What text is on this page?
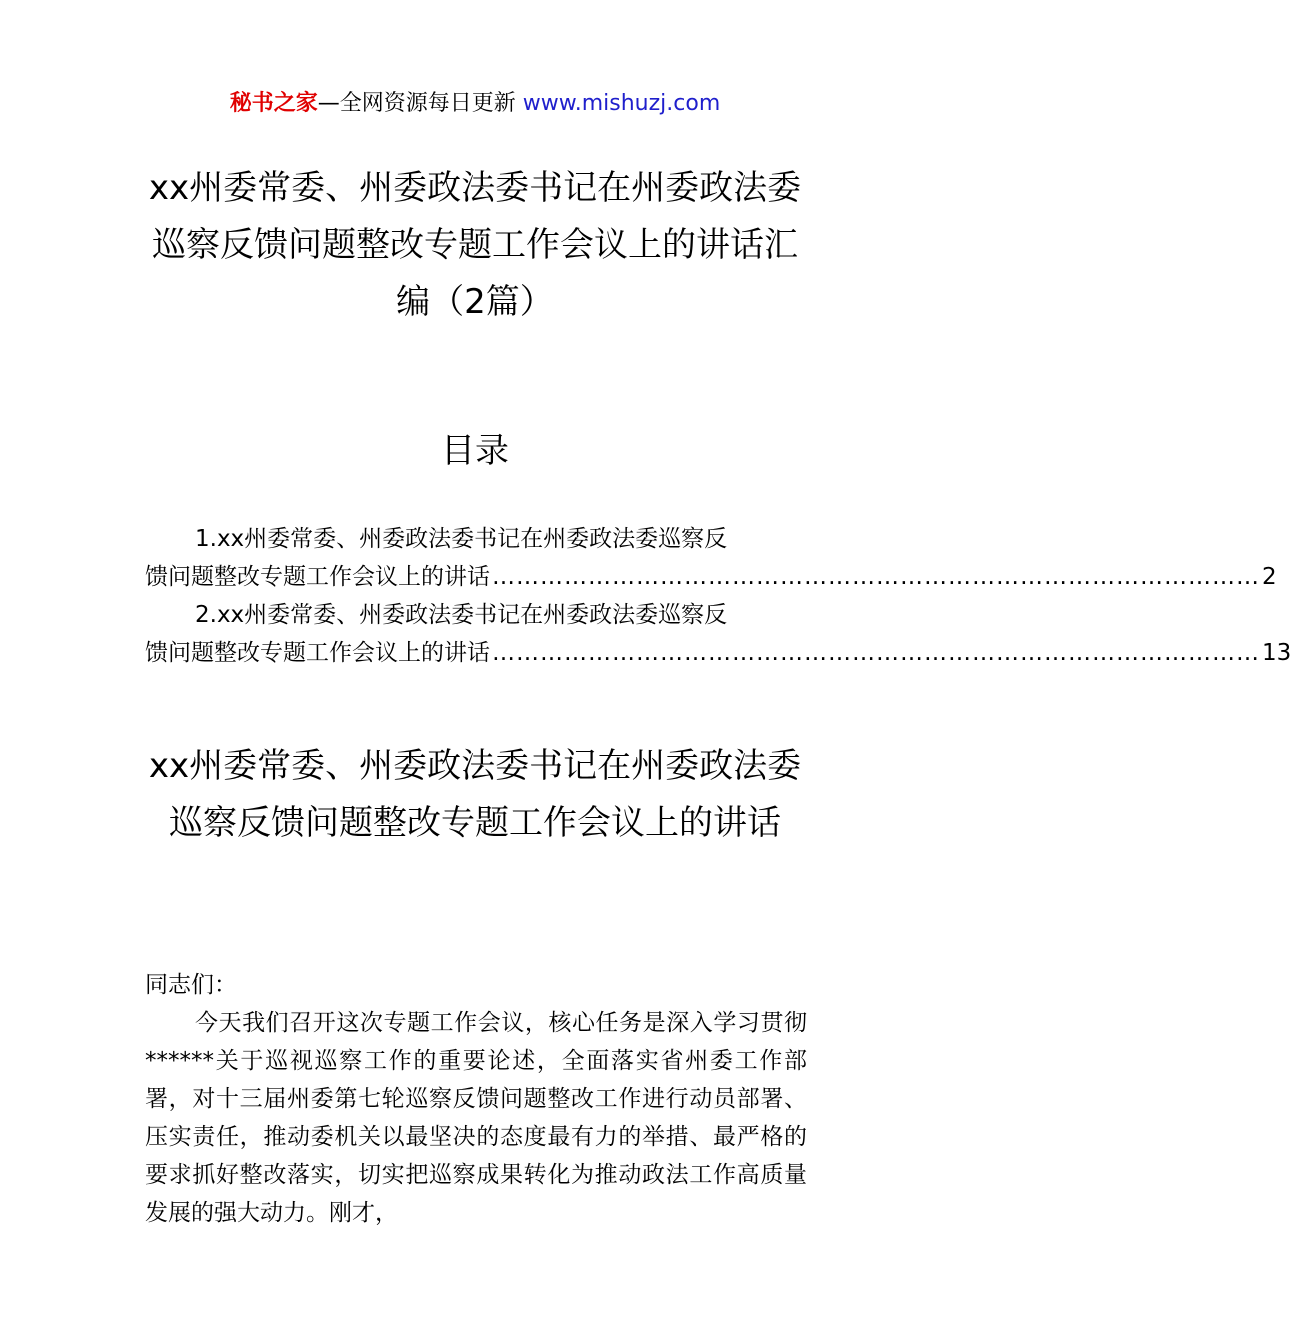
秘书之家—全网资源每日更新 www.mishuzj.com
xx州委常委、州委政法委书记在州委政法委巡察反馈问题整改专题工作会议上的讲话汇编（2篇）
目录
1.xx州委常委、州委政法委书记在州委政法委巡察反
馈问题整改专题工作会议上的讲话 …………………………………………………………………………………… 2
2.xx州委常委、州委政法委书记在州委政法委巡察反
馈问题整改专题工作会议上的讲话 …………………………………………………………………………………… 13
xx州委常委、州委政法委书记在州委政法委巡察反馈问题整改专题工作会议上的讲话

同志们：

今天我们召开这次专题工作会议，核心任务是深入学习贯彻******关于巡视巡察工作的重要论述，全面落实省州委工作部署，对十三届州委第七轮巡察反馈问题整改工作进行动员部署、压实责任，推动委机关以最坚决的态度最有力的举措、最严格的要求抓好整改落实，切实把巡察成果转化为推动政法工作高质量发展的强大动力。刚才，
